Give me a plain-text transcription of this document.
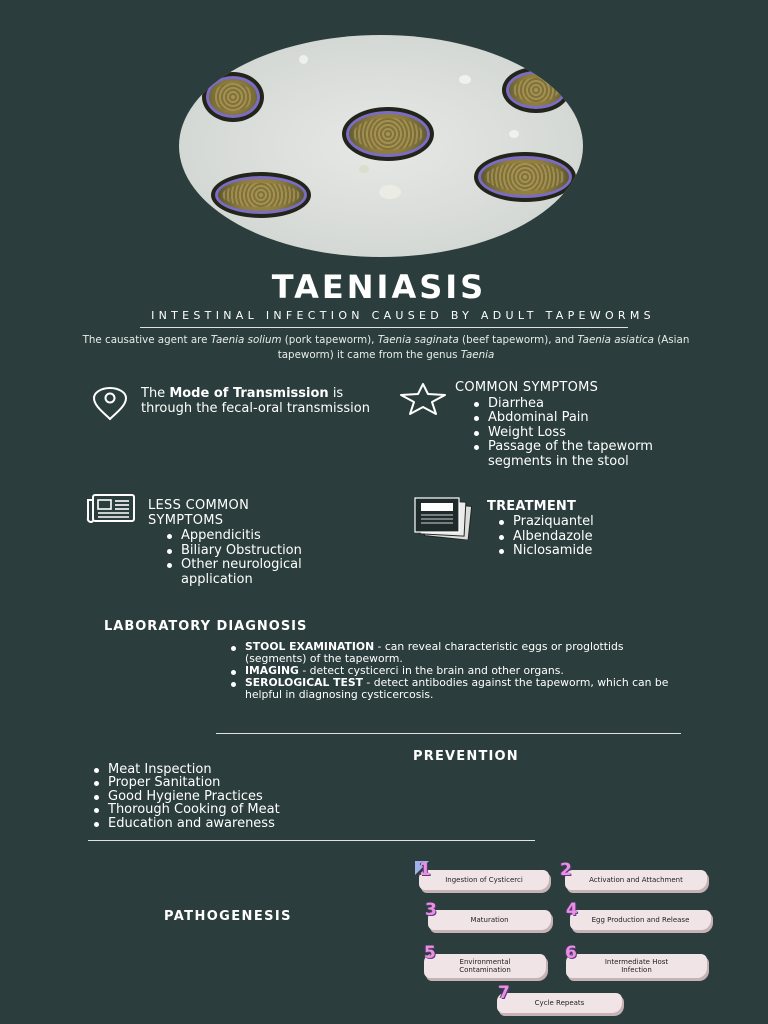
TAENIASIS
INTESTINAL INFECTION CAUSED BY ADULT TAPEWORMS
The causative agent are Taenia solium (pork tapeworm), Taenia saginata (beef tapeworm), and Taenia asiatica (Asian tapeworm) it came from the genus Taenia
The Mode of Transmission is through the fecal-oral transmission
COMMON SYMPTOMS
Diarrhea
Abdominal Pain
Weight Loss
Passage of the tapeworm segments in the stool
LESS COMMON SYMPTOMS
Appendicitis
Biliary Obstruction
Other neurological application
TREATMENT
Praziquantel
Albendazole
Niclosamide
LABORATORY DIAGNOSIS
STOOL EXAMINATION - can reveal characteristic eggs or proglottids (segments) of the tapeworm.
IMAGING - detect cysticerci in the brain and other organs.
SEROLOGICAL TEST - detect antibodies against the tapeworm, which can be helpful in diagnosing cysticercosis.
PREVENTION
Meat Inspection
Proper Sanitation
Good Hygiene Practices
Thorough Cooking of Meat
Education and awareness
PATHOGENESIS
Ingestion of Cysticerci
1	Activation and Attachment
2
Maturation
3	Egg Production and Release
4
Environmental Contamination
5	Intermediate Host Infection
6
Cycle Repeats
7
